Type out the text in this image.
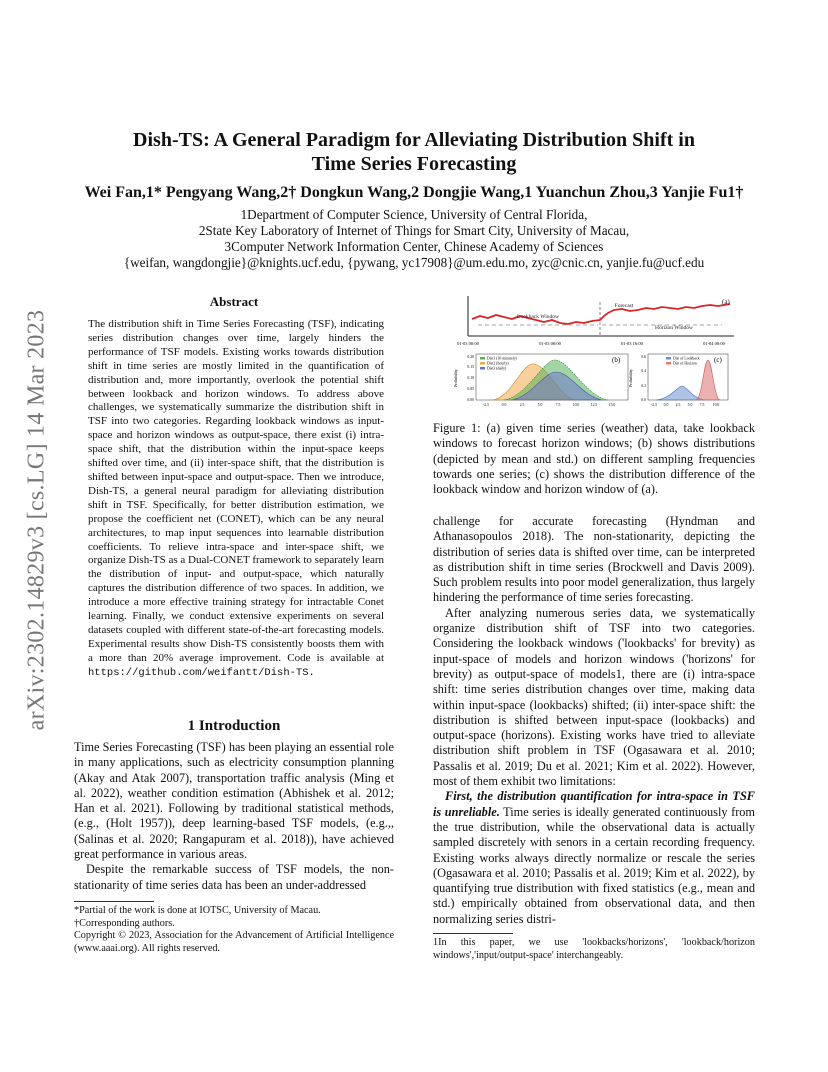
arXiv:2302.14829v3 [cs.LG] 14 Mar 2023
Dish-TS: A General Paradigm for Alleviating Distribution Shift in
Time Series Forecasting
Wei Fan,1* Pengyang Wang,2† Dongkun Wang,2 Dongjie Wang,1 Yuanchun Zhou,3 Yanjie Fu1†
1Department of Computer Science, University of Central Florida,
2State Key Laboratory of Internet of Things for Smart City, University of Macau,
3Computer Network Information Center, Chinese Academy of Sciences
{weifan, wangdongjie}@knights.ucf.edu, {pywang, yc17908}@um.edu.mo, zyc@cnic.cn, yanjie.fu@ucf.edu
Abstract
The distribution shift in Time Series Forecasting (TSF), indicating series distribution changes over time, largely hinders the performance of TSF models. Existing works towards distribution shift in time series are mostly limited in the quantification of distribution and, more importantly, overlook the potential shift between lookback and horizon windows. To address above challenges, we systematically summarize the distribution shift in TSF into two categories. Regarding lookback windows as input-space and horizon windows as output-space, there exist (i) intra-space shift, that the distribution within the input-space keeps shifted over time, and (ii) inter-space shift, that the distribution is shifted between input-space and output-space. Then we introduce, Dish-TS, a general neural paradigm for alleviating distribution shift in TSF. Specifically, for better distribution estimation, we propose the coefficient net (CONET), which can be any neural architectures, to map input sequences into learnable distribution coefficients. To relieve intra-space and inter-space shift, we organize Dish-TS as a Dual-CONET framework to separately learn the distribution of input- and output-space, which naturally captures the distribution difference of two spaces. In addition, we introduce a more effective training strategy for intractable Conet learning. Finally, we conduct extensive experiments on several datasets coupled with different state-of-the-art forecasting models. Experimental results show Dish-TS consistently boosts them with a more than 20% average improvement. Code is available at https://github.com/weifantt/Dish-TS.
1 Introduction

Time Series Forecasting (TSF) has been playing an essential role in many applications, such as electricity consumption planning (Akay and Atak 2007), transportation traffic analysis (Ming et al. 2022), weather condition estimation (Abhishek et al. 2012; Han et al. 2021). Following by traditional statistical methods, (e.g., (Holt 1957)), deep learning-based TSF models, (e.g.,, (Salinas et al. 2020; Rangapuram et al. 2018)), have achieved great performance in various areas.

Despite the remarkable success of TSF models, the non-stationarity of time series data has been an under-addressed

*Partial of the work is done at IOTSC, University of Macau.
†Corresponding authors.
Copyright © 2023, Association for the Advancement of Artificial Intelligence (www.aaai.org). All rights reserved.
Lookback Window
Forecast
Horizon Window
(a)
01-03 00:00	01-03 08:00	01-03 16:00	01-04 00:00
Dist1 (10 minutely)
Dist2 (hourly)
Dist3 (daily)
(b)
Probability
0.20
0.15
0.10
0.05
0.00
-2.5	0.0	2.5	5.0	7.5	10.0	12.5	15.0
Dist of Lookback
Dist of Horizon (c)
Probability
0.6
0.4
0.2
0.0
-2.5 0.0 2.5 5.0 7.5 10.0
Figure 1: (a) given time series (weather) data, take lookback windows to forecast horizon windows; (b) shows distributions (depicted by mean and std.) on different sampling frequencies towards one series; (c) shows the distribution difference of the lookback window and horizon window of (a).

challenge for accurate forecasting (Hyndman and Athanasopoulos 2018). The non-stationarity, depicting the distribution of series data is shifted over time, can be interpreted as distribution shift in time series (Brockwell and Davis 2009). Such problem results into poor model generalization, thus largely hindering the performance of time series forecasting.

After analyzing numerous series data, we systematically organize distribution shift of TSF into two categories. Considering the lookback windows ('lookbacks' for brevity) as input-space of models and horizon windows ('horizons' for brevity) as output-space of models1, there are (i) intra-space shift: time series distribution changes over time, making data within input-space (lookbacks) shifted; (ii) inter-space shift: the distribution is shifted between input-space (lookbacks) and output-space (horizons). Existing works have tried to alleviate distribution shift problem in TSF (Ogasawara et al. 2010; Passalis et al. 2019; Du et al. 2021; Kim et al. 2022). However, most of them exhibit two limitations:

First, the distribution quantification for intra-space in TSF is unreliable. Time series is ideally generated continuously from the true distribution, while the observational data is actually sampled discretely with senors in a certain recording frequency. Existing works always directly normalize or rescale the series (Ogasawara et al. 2010; Passalis et al. 2019; Kim et al. 2022), by quantifying true distribution with fixed statistics (e.g., mean and std.) empirically obtained from observational data, and then normalizing series distri-

1In this paper, we use 'lookbacks/horizons', 'lookback/horizon windows','input/output-space' interchangeably.
